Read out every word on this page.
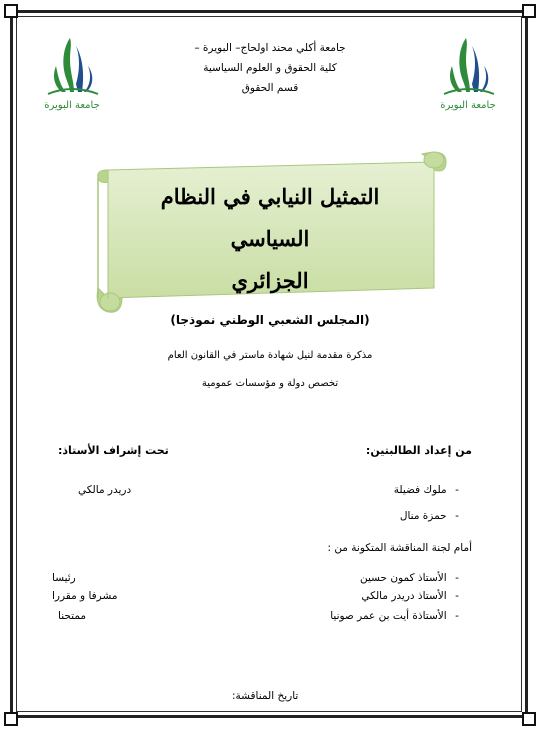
جامعة البويرة	جامعة البويرة
جامعة أكلي محند اولحاج– البويرة –
كلية الحقوق و العلوم السياسية
قسم الحقوق
التمثيل النيابي في النظام السياسي
الجزائري
(المجلس الشعبي الوطني نموذجا)
مذكرة مقدمة لنيل شهادة ماستر في القانون العام
تخصص دولة و مؤسسات عمومية
من إعداد الطالبتين:
تحت إشراف الأستاذ:
- ملوك فضيلة
دريدر مالكي
- حمزة منال
أمام لجنة المناقشة المتكونة من :
- الأستاذ كمون حسين
رئيسا
- الأستاذ دريدر مالكي
مشرفا و مقررا
- الأستاذة أيت بن عمر صونيا
ممتحنا
تاريخ المناقشة:
